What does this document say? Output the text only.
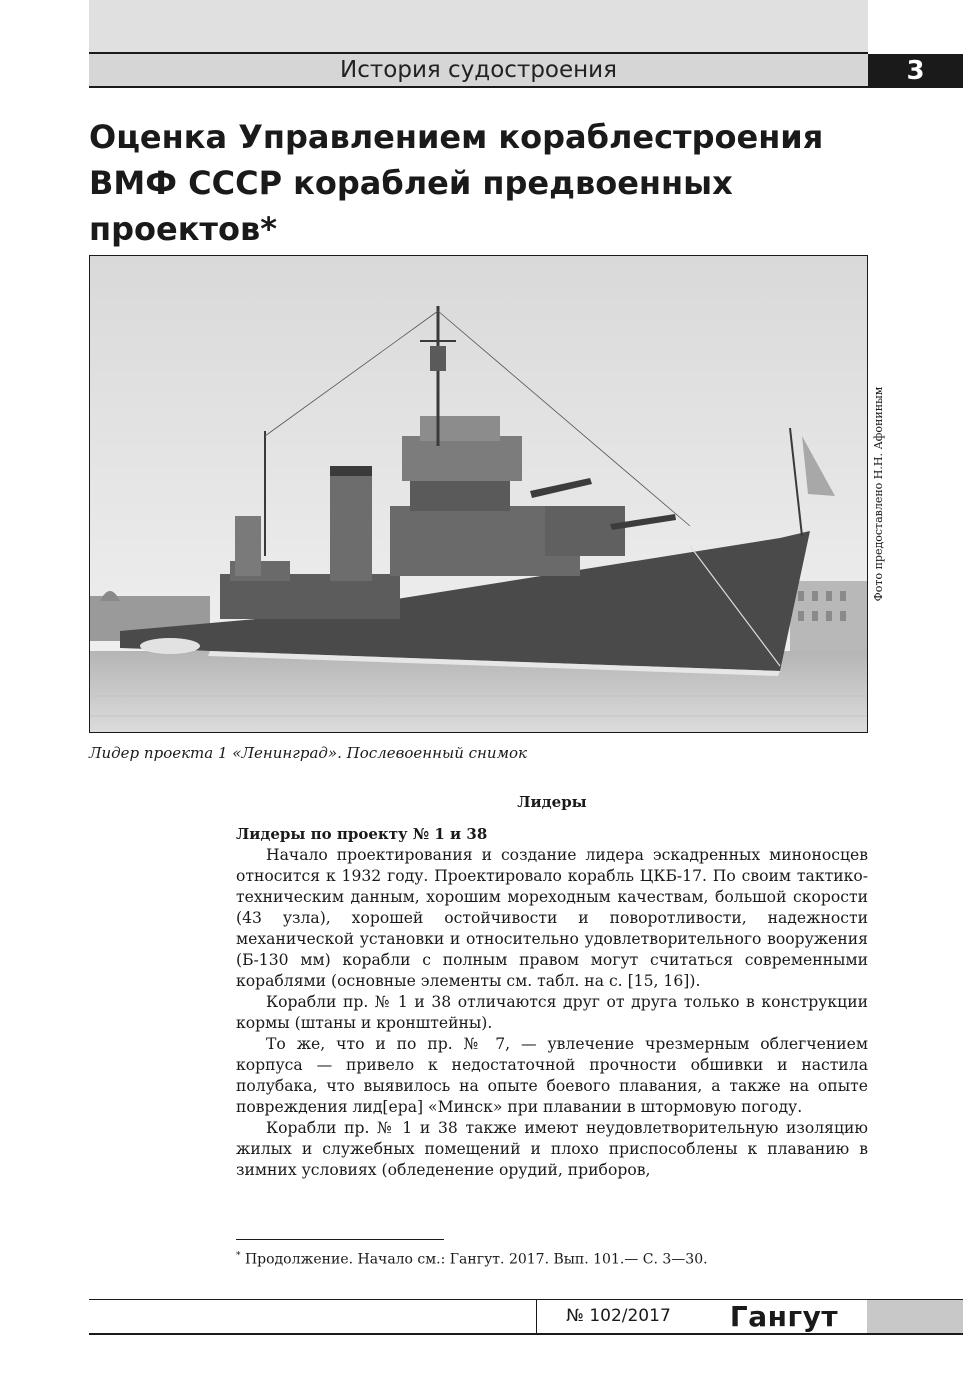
История судостроения	3
Оценка Управлением кораблестроения ВМФ СССР кораблей предвоенных проектов*
Фото предоставлено Н.Н. Афониным
Лидер проекта 1 «Ленинград». Послевоенный снимок
Лидеры
Лидеры по проекту № 1 и 38

Начало проектирования и создание лидера эскадренных миноносцев относится к 1932 году. Проектировало корабль ЦКБ-17. По своим тактико-техническим данным, хорошим мореходным качествам, большой скорости (43 узла), хорошей остойчивости и поворотливости, надежности механической установки и относительно удовлетворительного вооружения (Б-130 мм) корабли с полным правом могут считаться современными кораблями (основные элементы см. табл. на с. [15, 16]).

Корабли пр. № 1 и 38 отличаются друг от друга только в конструкции кормы (штаны и кронштейны).

То же, что и по пр. № 7, — увлечение чрезмерным облегчением корпуса — привело к недостаточной прочности обшивки и настила полубака, что выявилось на опыте боевого плавания, а также на опыте повреждения лид[ера] «Минск» при плавании в штормовую погоду.

Корабли пр. № 1 и 38 также имеют неудовлетворительную изоляцию жилых и служебных помещений и плохо приспособлены к плаванию в зимних условиях (обледенение орудий, приборов,

* Продолжение. Начало см.: Гангут. 2017. Вып. 101.— С. 3—30.
№ 102/2017	Гангут
